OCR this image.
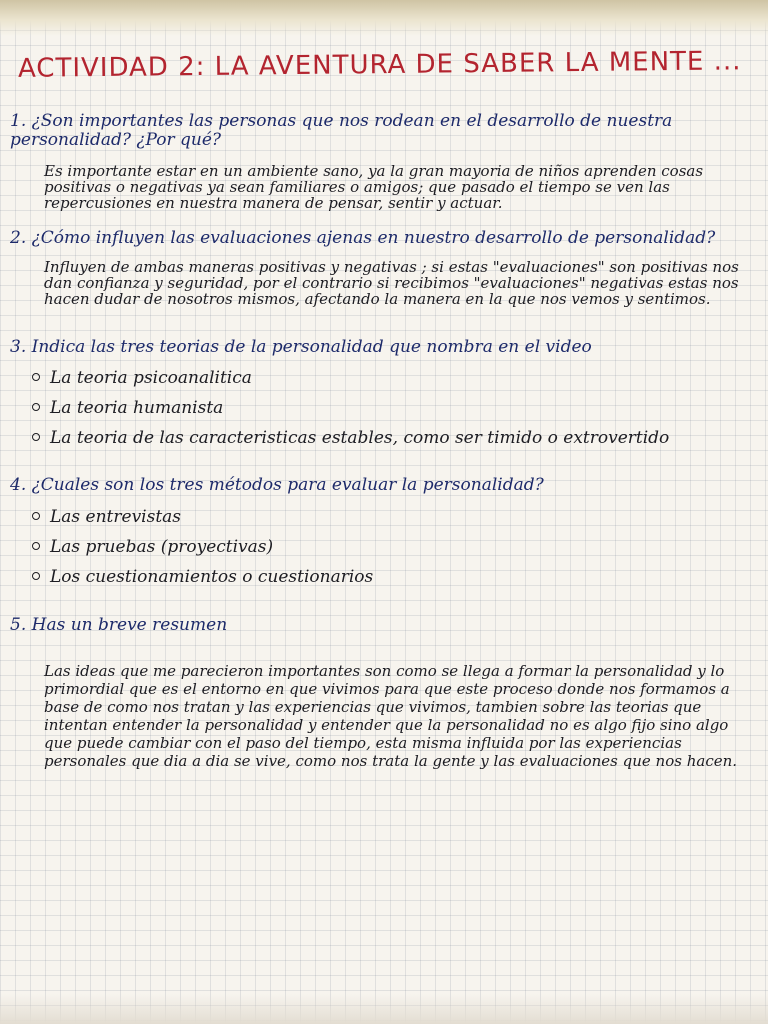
ACTIVIDAD 2: LA AVENTURA DE SABER LA MENTE ...
1. ¿Son importantes las personas que nos rodean en el desarrollo de nuestra personalidad? ¿Por qué?
Es importante estar en un ambiente sano, ya la gran mayoria de niños aprenden cosas positivas o negativas ya sean familiares o amigos; que pasado el tiempo se ven las repercusiones en nuestra manera de pensar, sentir y actuar.
2. ¿Cómo influyen las evaluaciones ajenas en nuestro desarrollo de personalidad?
Influyen de ambas maneras positivas y negativas ; si estas "evaluaciones" son positivas nos dan confianza y seguridad, por el contrario si recibimos "evaluaciones" negativas estas nos hacen dudar de nosotros mismos, afectando la manera en la que nos vemos y sentimos.
3. Indica las tres teorias de la personalidad que nombra en el video
La teoria psicoanalitica
La teoria humanista
La teoria de las caracteristicas estables, como ser timido o extrovertido
4. ¿Cuales son los tres métodos para evaluar la personalidad?
Las entrevistas
Las pruebas (proyectivas)
Los cuestionamientos o cuestionarios
5. Has un breve resumen
Las ideas que me parecieron importantes son como se llega a formar la personalidad y lo primordial que es el entorno en que vivimos para que este proceso donde nos formamos a base de como nos tratan y las experiencias que vivimos, tambien sobre las teorias que intentan entender la personalidad y entender que la personalidad no es algo fijo sino algo que puede cambiar con el paso del tiempo, esta misma influida por las experiencias personales que dia a dia se vive, como nos trata la gente y las evaluaciones que nos hacen.
